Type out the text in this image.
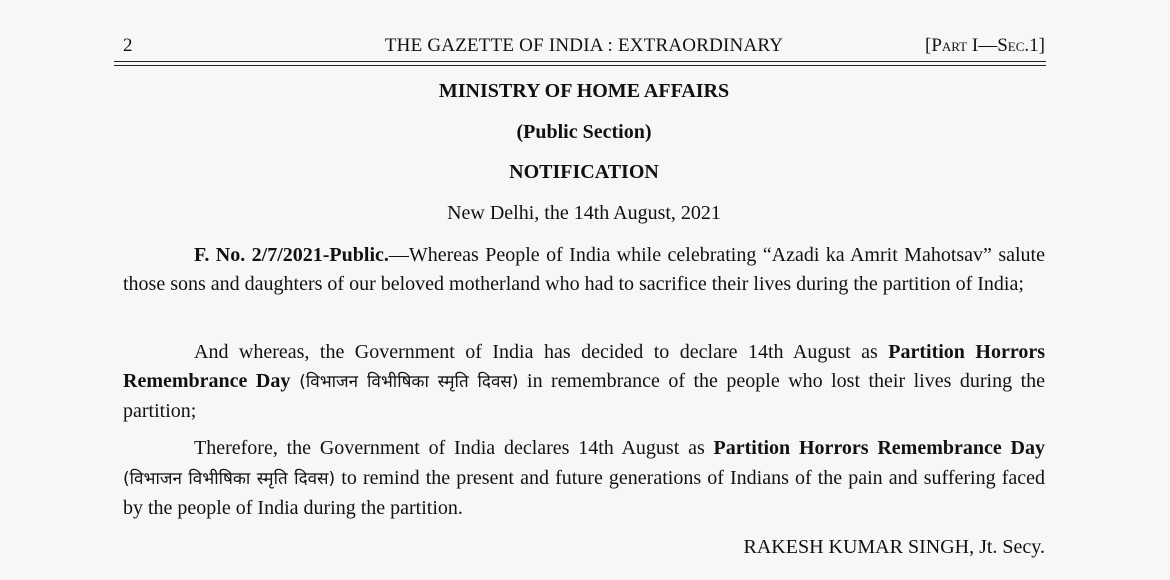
2	THE GAZETTE OF INDIA : EXTRAORDINARY	[Part I—Sec.1]
MINISTRY OF HOME AFFAIRS
(Public Section)
NOTIFICATION
New Delhi, the 14th August, 2021

F. No. 2/7/2021-Public.—Whereas People of India while celebrating “Azadi ka Amrit Mahotsav” salute those sons and daughters of our beloved motherland who had to sacrifice their lives during the partition of India;

And whereas, the Government of India has decided to declare 14th August as Partition Horrors Remembrance Day (विभाजन विभीषिका स्मृति दिवस) in remembrance of the people who lost their lives during the partition;

Therefore, the Government of India declares 14th August as Partition Horrors Remembrance Day (विभाजन विभीषिका स्मृति दिवस) to remind the present and future generations of Indians of the pain and suffering faced by the people of India during the partition.

RAKESH KUMAR SINGH, Jt. Secy.
